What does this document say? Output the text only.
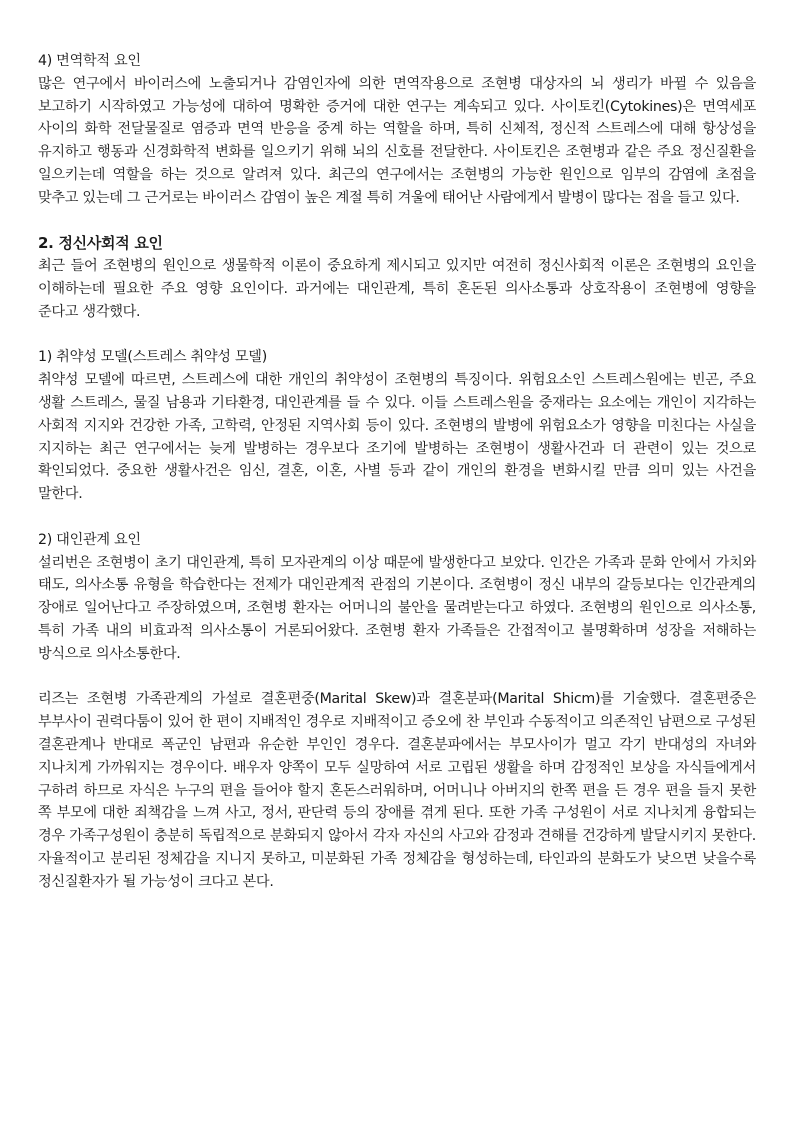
4) 면역학적 요인

많은 연구에서 바이러스에 노출되거나 감염인자에 의한 면역작용으로 조현병 대상자의 뇌 생리가 바뀔 수 있음을 보고하기 시작하였고 가능성에 대하여 명확한 증거에 대한 연구는 계속되고 있다. 사이토킨(Cytokines)은 면역세포 사이의 화학 전달물질로 염증과 면역 반응을 중계 하는 역할을 하며, 특히 신체적, 정신적 스트레스에 대해 항상성을 유지하고 행동과 신경화학적 변화를 일으키기 위해 뇌의 신호를 전달한다. 사이토킨은 조현병과 같은 주요 정신질환을 일으키는데 역할을 하는 것으로 알려져 있다. 최근의 연구에서는 조현병의 가능한 원인으로 임부의 감염에 초점을 맞추고 있는데 그 근거로는 바이러스 감염이 높은 계절 특히 겨울에 태어난 사람에게서 발병이 많다는 점을 들고 있다.

2. 정신사회적 요인

최근 들어 조현병의 원인으로 생물학적 이론이 중요하게 제시되고 있지만 여전히 정신사회적 이론은 조현병의 요인을 이해하는데 필요한 주요 영향 요인이다. 과거에는 대인관계, 특히 혼돈된 의사소통과 상호작용이 조현병에 영향을 준다고 생각했다.

1) 취약성 모델(스트레스 취약성 모델)

취약성 모델에 따르면, 스트레스에 대한 개인의 취약성이 조현병의 특징이다. 위험요소인 스트레스원에는 빈곤, 주요 생활 스트레스, 물질 남용과 기타환경, 대인관계를 들 수 있다. 이들 스트레스원을 중재라는 요소에는 개인이 지각하는 사회적 지지와 건강한 가족, 고학력, 안정된 지역사회 등이 있다. 조현병의 발병에 위험요소가 영향을 미친다는 사실을 지지하는 최근 연구에서는 늦게 발병하는 경우보다 조기에 발병하는 조현병이 생활사건과 더 관련이 있는 것으로 확인되었다. 중요한 생활사건은 임신, 결혼, 이혼, 사별 등과 같이 개인의 환경을 변화시킬 만큼 의미 있는 사건을 말한다.

2) 대인관계 요인

설리번은 조현병이 초기 대인관계, 특히 모자관계의 이상 때문에 발생한다고 보았다. 인간은 가족과 문화 안에서 가치와 태도, 의사소통 유형을 학습한다는 전제가 대인관계적 관점의 기본이다. 조현병이 정신 내부의 갈등보다는 인간관계의 장애로 일어난다고 주장하였으며, 조현병 환자는 어머니의 불안을 물려받는다고 하였다. 조현병의 원인으로 의사소통, 특히 가족 내의 비효과적 의사소통이 거론되어왔다. 조현병 환자 가족들은 간접적이고 불명확하며 성장을 저해하는 방식으로 의사소통한다.

리즈는 조현병 가족관계의 가설로 결혼편중(Marital Skew)과 결혼분파(Marital Shicm)를 기술했다. 결혼편중은 부부사이 권력다툼이 있어 한 편이 지배적인 경우로 지배적이고 증오에 찬 부인과 수동적이고 의존적인 남편으로 구성된 결혼관계나 반대로 폭군인 남편과 유순한 부인인 경우다. 결혼분파에서는 부모사이가 멀고 각기 반대성의 자녀와 지나치게 가까워지는 경우이다. 배우자 양쪽이 모두 실망하여 서로 고립된 생활을 하며 감정적인 보상을 자식들에게서 구하려 하므로 자식은 누구의 편을 들어야 할지 혼돈스러워하며, 어머니나 아버지의 한쪽 편을 든 경우 편을 들지 못한 쪽 부모에 대한 죄책감을 느껴 사고, 정서, 판단력 등의 장애를 겪게 된다. 또한 가족 구성원이 서로 지나치게 융합되는 경우 가족구성원이 충분히 독립적으로 분화되지 않아서 각자 자신의 사고와 감정과 견해를 건강하게 발달시키지 못한다. 자율적이고 분리된 정체감을 지니지 못하고, 미분화된 가족 정체감을 형성하는데, 타인과의 분화도가 낮으면 낮을수록 정신질환자가 될 가능성이 크다고 본다.
